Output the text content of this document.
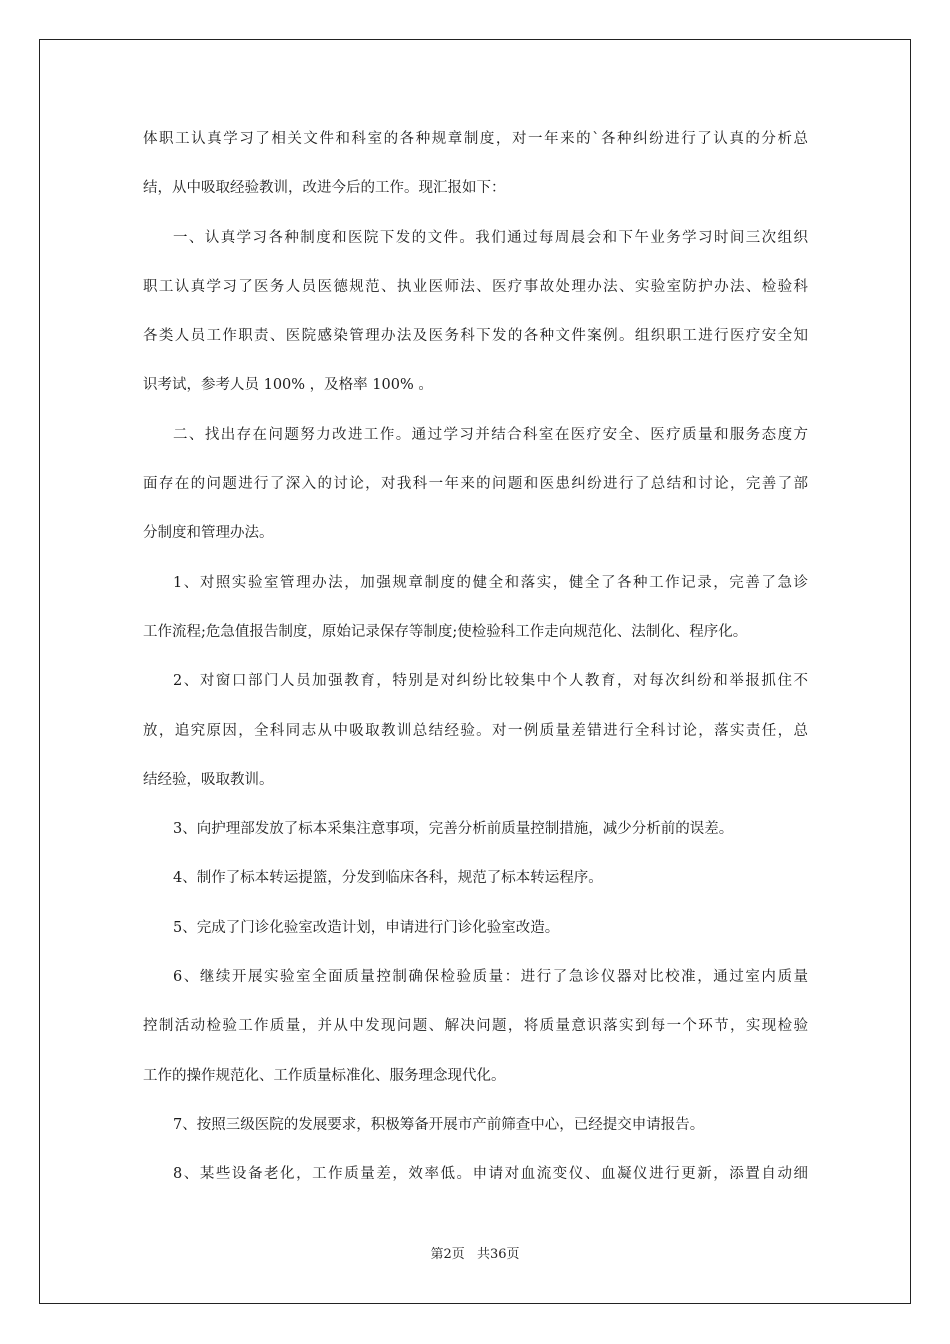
体职工认真学习了相关文件和科室的各种规章制度，对一年来的`各种纠纷进行了认真的分析总
结，从中吸取经验教训，改进今后的工作。现汇报如下：
一、认真学习各种制度和医院下发的文件。我们通过每周晨会和下午业务学习时间三次组织
职工认真学习了医务人员医德规范、执业医师法、医疗事故处理办法、实验室防护办法、检验科
各类人员工作职责、医院感染管理办法及医务科下发的各种文件案例。组织职工进行医疗安全知
识考试，参考人员 100% ，及格率 100% 。
二、找出存在问题努力改进工作。通过学习并结合科室在医疗安全、医疗质量和服务态度方
面存在的问题进行了深入的讨论，对我科一年来的问题和医患纠纷进行了总结和讨论，完善了部
分制度和管理办法。
1、对照实验室管理办法，加强规章制度的健全和落实，健全了各种工作记录，完善了急诊
工作流程;危急值报告制度，原始记录保存等制度;使检验科工作走向规范化、法制化、程序化。
2、对窗口部门人员加强教育，特别是对纠纷比较集中个人教育，对每次纠纷和举报抓住不
放，追究原因，全科同志从中吸取教训总结经验。对一例质量差错进行全科讨论，落实责任，总
结经验，吸取教训。
3、向护理部发放了标本采集注意事项，完善分析前质量控制措施，减少分析前的误差。
4、制作了标本转运提篮，分发到临床各科，规范了标本转运程序。
5、完成了门诊化验室改造计划，申请进行门诊化验室改造。
6、继续开展实验室全面质量控制确保检验质量：进行了急诊仪器对比校准，通过室内质量
控制活动检验工作质量，并从中发现问题、解决问题，将质量意识落实到每一个环节，实现检验
工作的操作规范化、工作质量标准化、服务理念现代化。
7、按照三级医院的发展要求，积极筹备开展市产前筛查中心，已经提交申请报告。
8、某些设备老化，工作质量差，效率低。申请对血流变仪、血凝仪进行更新，添置自动细
第2页 共36页
